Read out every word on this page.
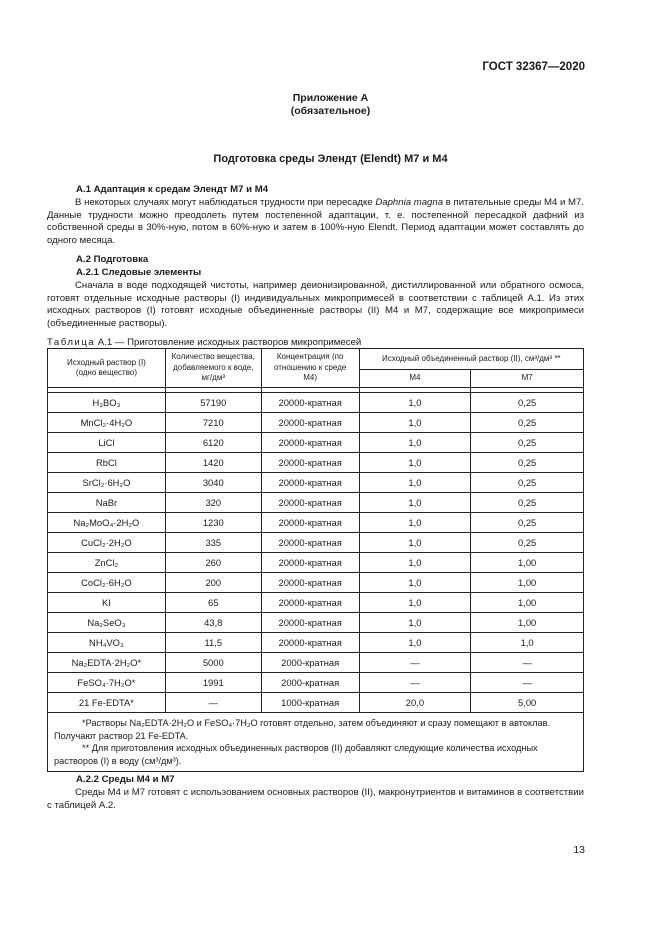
ГОСТ 32367—2020
Приложение А
(обязательное)
Подготовка среды Элендт (Elendt) M7 и M4
А.1 Адаптация к средам Элендт M7 и M4
В некоторых случаях могут наблюдаться трудности при пересадке Daphnia magna в питательные среды M4 и M7. Данные трудности можно преодолеть путем постепенной адаптации, т. е. постепенной пересадкой дафний из собственной среды в 30%-ную, потом в 60%-ную и затем в 100%-ную Elendt. Период адаптации может составлять до одного месяца.
А.2 Подготовка
А.2.1 Следовые элементы
Сначала в воде подходящей чистоты, например деионизированной, дистиллированной или обратного осмоса, готовят отдельные исходные растворы (I) индивидуальных микропримесей в соответствии с таблицей А.1. Из этих исходных растворов (I) готовят исходные объединенные растворы (II) M4 и M7, содержащие все микропримеси (объединенные растворы).
Таблица А.1 — Приготовление исходных растворов микропримесей
Исходный раствор (I) (одно вещество)	Количество вещества, добавляемого к воде, мг/дм³	Концентрация (по отношению к среде M4)	Исходный объединенный раствор (II), см³/дм³ **	
			M4	M7

H₃BO₃	57190	20000-кратная	1,0	0,25
MnCl₂·4H₂O	7210	20000-кратная	1,0	0,25
LiCl	6120	20000-кратная	1,0	0,25
RbCl	1420	20000-кратная	1,0	0,25
SrCl₂·6H₂O	3040	20000-кратная	1,0	0,25
NaBr	320	20000-кратная	1,0	0,25
Na₂MoO₄·2H₂O	1230	20000-кратная	1,0	0,25
CuCl₂·2H₂O	335	20000-кратная	1,0	0,25
ZnCl₂	260	20000-кратная	1,0	1,00
CoCl₂·6H₂O	200	20000-кратная	1,0	1,00
KI	65	20000-кратная	1,0	1,00
Na₂SeO₃	43,8	20000-кратная	1,0	1,00
NH₄VO₃	11,5	20000-кратная	1,0	1,0
Na₂EDTA·2H₂O*	5000	2000-кратная	—	—
FeSO₄·7H₂O*	1991	2000-кратная	—	—
21 Fe-EDTA*	—	1000-кратная	20,0	5,00

*Растворы Na₂EDTA·2H₂O и FeSO₄·7H₂O готовят отдельно, затем объединяют и сразу помещают в автоклав. Получают раствор 21 Fe-EDTA.
** Для приготовления исходных объединенных растворов (II) добавляют следующие количества исходных растворов (I) в воду (см³/дм³).				
А.2.2 Среды M4 и M7
Среды M4 и M7 готовят с использованием основных растворов (II), макронутриентов и витаминов в соответствии с таблицей А.2.
13
